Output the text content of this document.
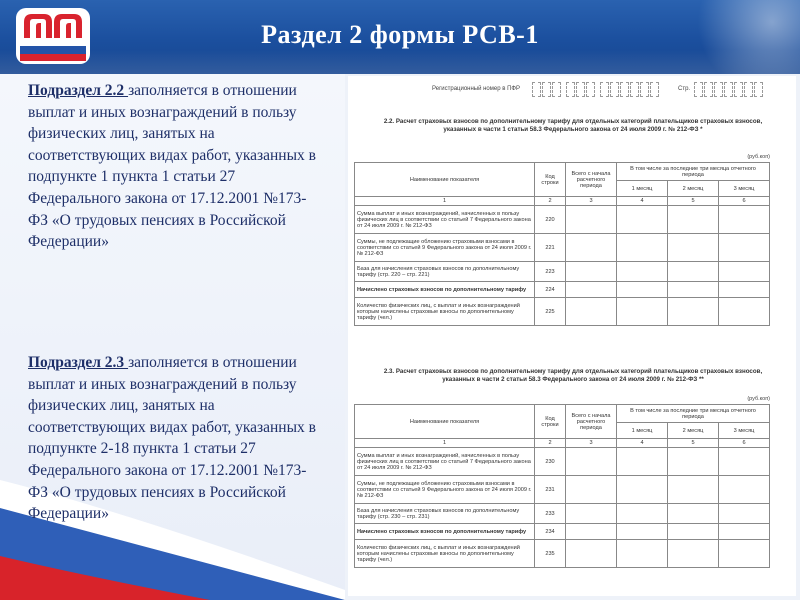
Раздел 2 формы РСВ-1
Подраздел 2.2 заполняется в отношении выплат и иных вознаграждений в пользу физических лиц, занятых на соответствующих видах работ, указанных в подпункте 1 пункта 1 статьи 27 Федерального закона от 17.12.2001 №173- ФЗ «О трудовых пенсиях в Российской Федерации»
Подраздел 2.3 заполняется в отношении выплат и иных вознаграждений в пользу физических лиц, занятых на соответствующих видах работ, указанных в подпункте 2-18 пункта 1 статьи 27 Федерального закона от 17.12.2001 №173- ФЗ «О трудовых пенсиях в Российской Федерации»
Регистрационный номер в ПФР	Стр.
2.2. Расчет страховых взносов по дополнительному тарифу для отдельных категорий плательщиков страховых взносов, указанных в части 1 статьи 58.3 Федерального закона от 24 июля 2009 г. № 212-ФЗ *
(руб.коп)
Наименование показателя	Код строки	Всего с начала расчетного периода	В том числе за последние три месяца отчетного периода		
			1 месяц	2 месяц	3 месяц
1	2	3	4	5	6
Сумма выплат и иных вознаграждений, начисленных в пользу физических лиц в соответствии со статьей 7 Федерального закона от 24 июля 2009 г. № 212-ФЗ	220				
Суммы, не подлежащие обложению страховыми взносами в соответствии со статьей 9 Федерального закона от 24 июля 2009 г. № 212-ФЗ	221				
База для начисления страховых взносов по дополнительному тарифу (стр. 220 – стр. 221)	223				
Начислено страховых взносов по дополнительному тарифу	224				
Количество физических лиц, с выплат и иных вознаграждений которым начислены страховые взносы по дополнительному тарифу (чел.)	225				
2.3. Расчет страховых взносов по дополнительному тарифу для отдельных категорий плательщиков страховых взносов, указанных в части 2 статьи 58.3 Федерального закона от 24 июля 2009 г. № 212-ФЗ **
(руб.коп)
Наименование показателя	Код строки	Всего с начала расчетного периода	В том числе за последние три месяца отчетного периода		
			1 месяц	2 месяц	3 месяц
1	2	3	4	5	6
Сумма выплат и иных вознаграждений, начисленных в пользу физических лиц в соответствии со статьей 7 Федерального закона от 24 июля 2009 г. № 212-ФЗ	230				
Суммы, не подлежащие обложению страховыми взносами в соответствии со статьей 9 Федерального закона от 24 июля 2009 г. № 212-ФЗ	231				
База для начисления страховых взносов по дополнительному тарифу (стр. 230 – стр. 231)	233				
Начислено страховых взносов по дополнительному тарифу	234				
Количество физических лиц, с выплат и иных вознаграждений которым начислены страховые взносы по дополнительному тарифу (чел.)	235				
